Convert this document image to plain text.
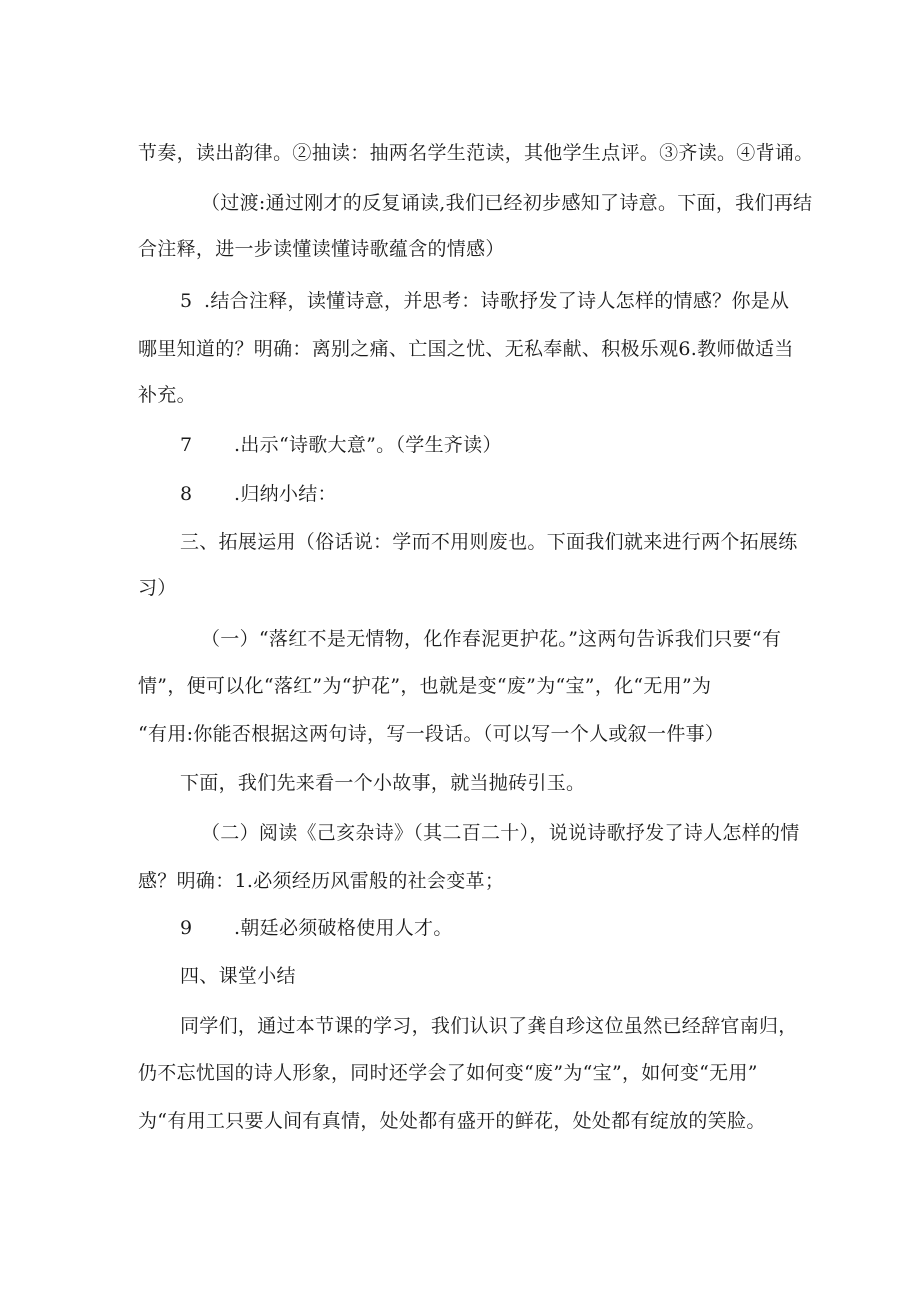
节奏，读出韵律。②抽读：抽两名学生范读，其他学生点评。③齐读。④背诵。
（过渡:通过刚才的反复诵读,我们已经初步感知了诗意。下面，我们再结
合注释，进一步读懂读懂诗歌蕴含的情感）
5 .结合注释，读懂诗意，并思考：诗歌抒发了诗人怎样的情感？你是从
哪里知道的？明确：离别之痛、亡国之忧、无私奉献、积极乐观6.教师做适当
补充。
7 .出示“诗歌大意”。（学生齐读）
8 .归纳小结：
三、拓展运用（俗话说：学而不用则废也。下面我们就来进行两个拓展练
习）
（一）“落红不是无情物，化作春泥更护花。”这两句告诉我们只要“有
情”，便可以化“落红”为“护花”，也就是变“废”为“宝”，化“无用”为
“有用:你能否根据这两句诗，写一段话。（可以写一个人或叙一件事）
下面，我们先来看一个小故事，就当抛砖引玉。
（二）阅读《己亥杂诗》（其二百二十），说说诗歌抒发了诗人怎样的情
感？明确：1.必须经历风雷般的社会变革；
9 .朝廷必须破格使用人才。
四、课堂小结
同学们，通过本节课的学习，我们认识了龚自珍这位虽然已经辞官南归，
仍不忘忧国的诗人形象，同时还学会了如何变“废”为“宝”，如何变“无用”
为“有用工只要人间有真情，处处都有盛开的鲜花，处处都有绽放的笑脸。
